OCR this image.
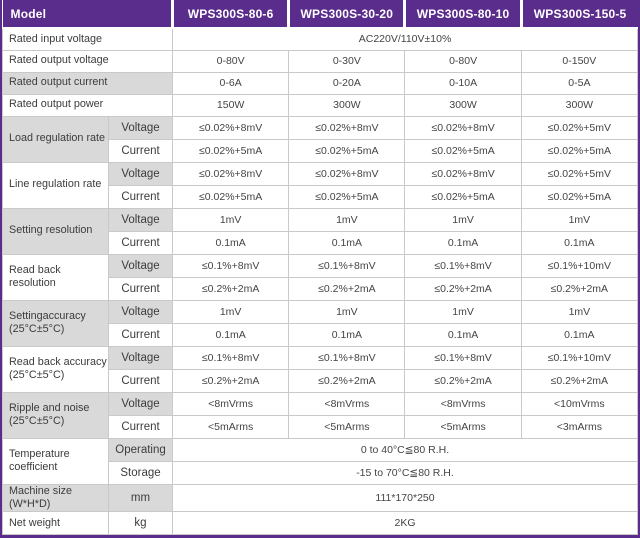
Model		WPS300S-80-6	WPS300S-30-20	WPS300S-80-10	WPS300S-150-5
Rated input voltage		AC220V/110V±10%			
Rated output voltage		0-80V	0-30V	0-80V	0-150V
Rated output current		0-6A	0-20A	0-10A	0-5A
Rated output power		150W	300W	300W	300W
Load regulation rate	Voltage	≤0.02%+8mV	≤0.02%+8mV	≤0.02%+8mV	≤0.02%+5mV
	Current	≤0.02%+5mA	≤0.02%+5mA	≤0.02%+5mA	≤0.02%+5mA
Line regulation rate	Voltage	≤0.02%+8mV	≤0.02%+8mV	≤0.02%+8mV	≤0.02%+5mV
	Current	≤0.02%+5mA	≤0.02%+5mA	≤0.02%+5mA	≤0.02%+5mA
Setting resolution	Voltage	1mV	1mV	1mV	1mV
	Current	0.1mA	0.1mA	0.1mA	0.1mA
Read back resolution	Voltage	≤0.1%+8mV	≤0.1%+8mV	≤0.1%+8mV	≤0.1%+10mV
	Current	≤0.2%+2mA	≤0.2%+2mA	≤0.2%+2mA	≤0.2%+2mA

Settingaccuracy
(25°C±5°C)	Voltage	1mV	1mV	1mV	1mV
	Current	0.1mA	0.1mA	0.1mA	0.1mA

Read back accuracy
(25°C±5°C)	Voltage	≤0.1%+8mV	≤0.1%+8mV	≤0.1%+8mV	≤0.1%+10mV
	Current	≤0.2%+2mA	≤0.2%+2mA	≤0.2%+2mA	≤0.2%+2mA

Ripple and noise
(25°C±5°C)	Voltage	<8mVrms	<8mVrms	<8mVrms	<10mVrms
	Current	<5mArms	<5mArms	<5mArms	<3mArms
Temperature coefficient	Operating	0 to 40°C≦80 R.H.			
	Storage	-15 to 70°C≦80 R.H.			
Machine size (W*H*D)	mm	111*170*250			
Net weight	kg	2KG			
